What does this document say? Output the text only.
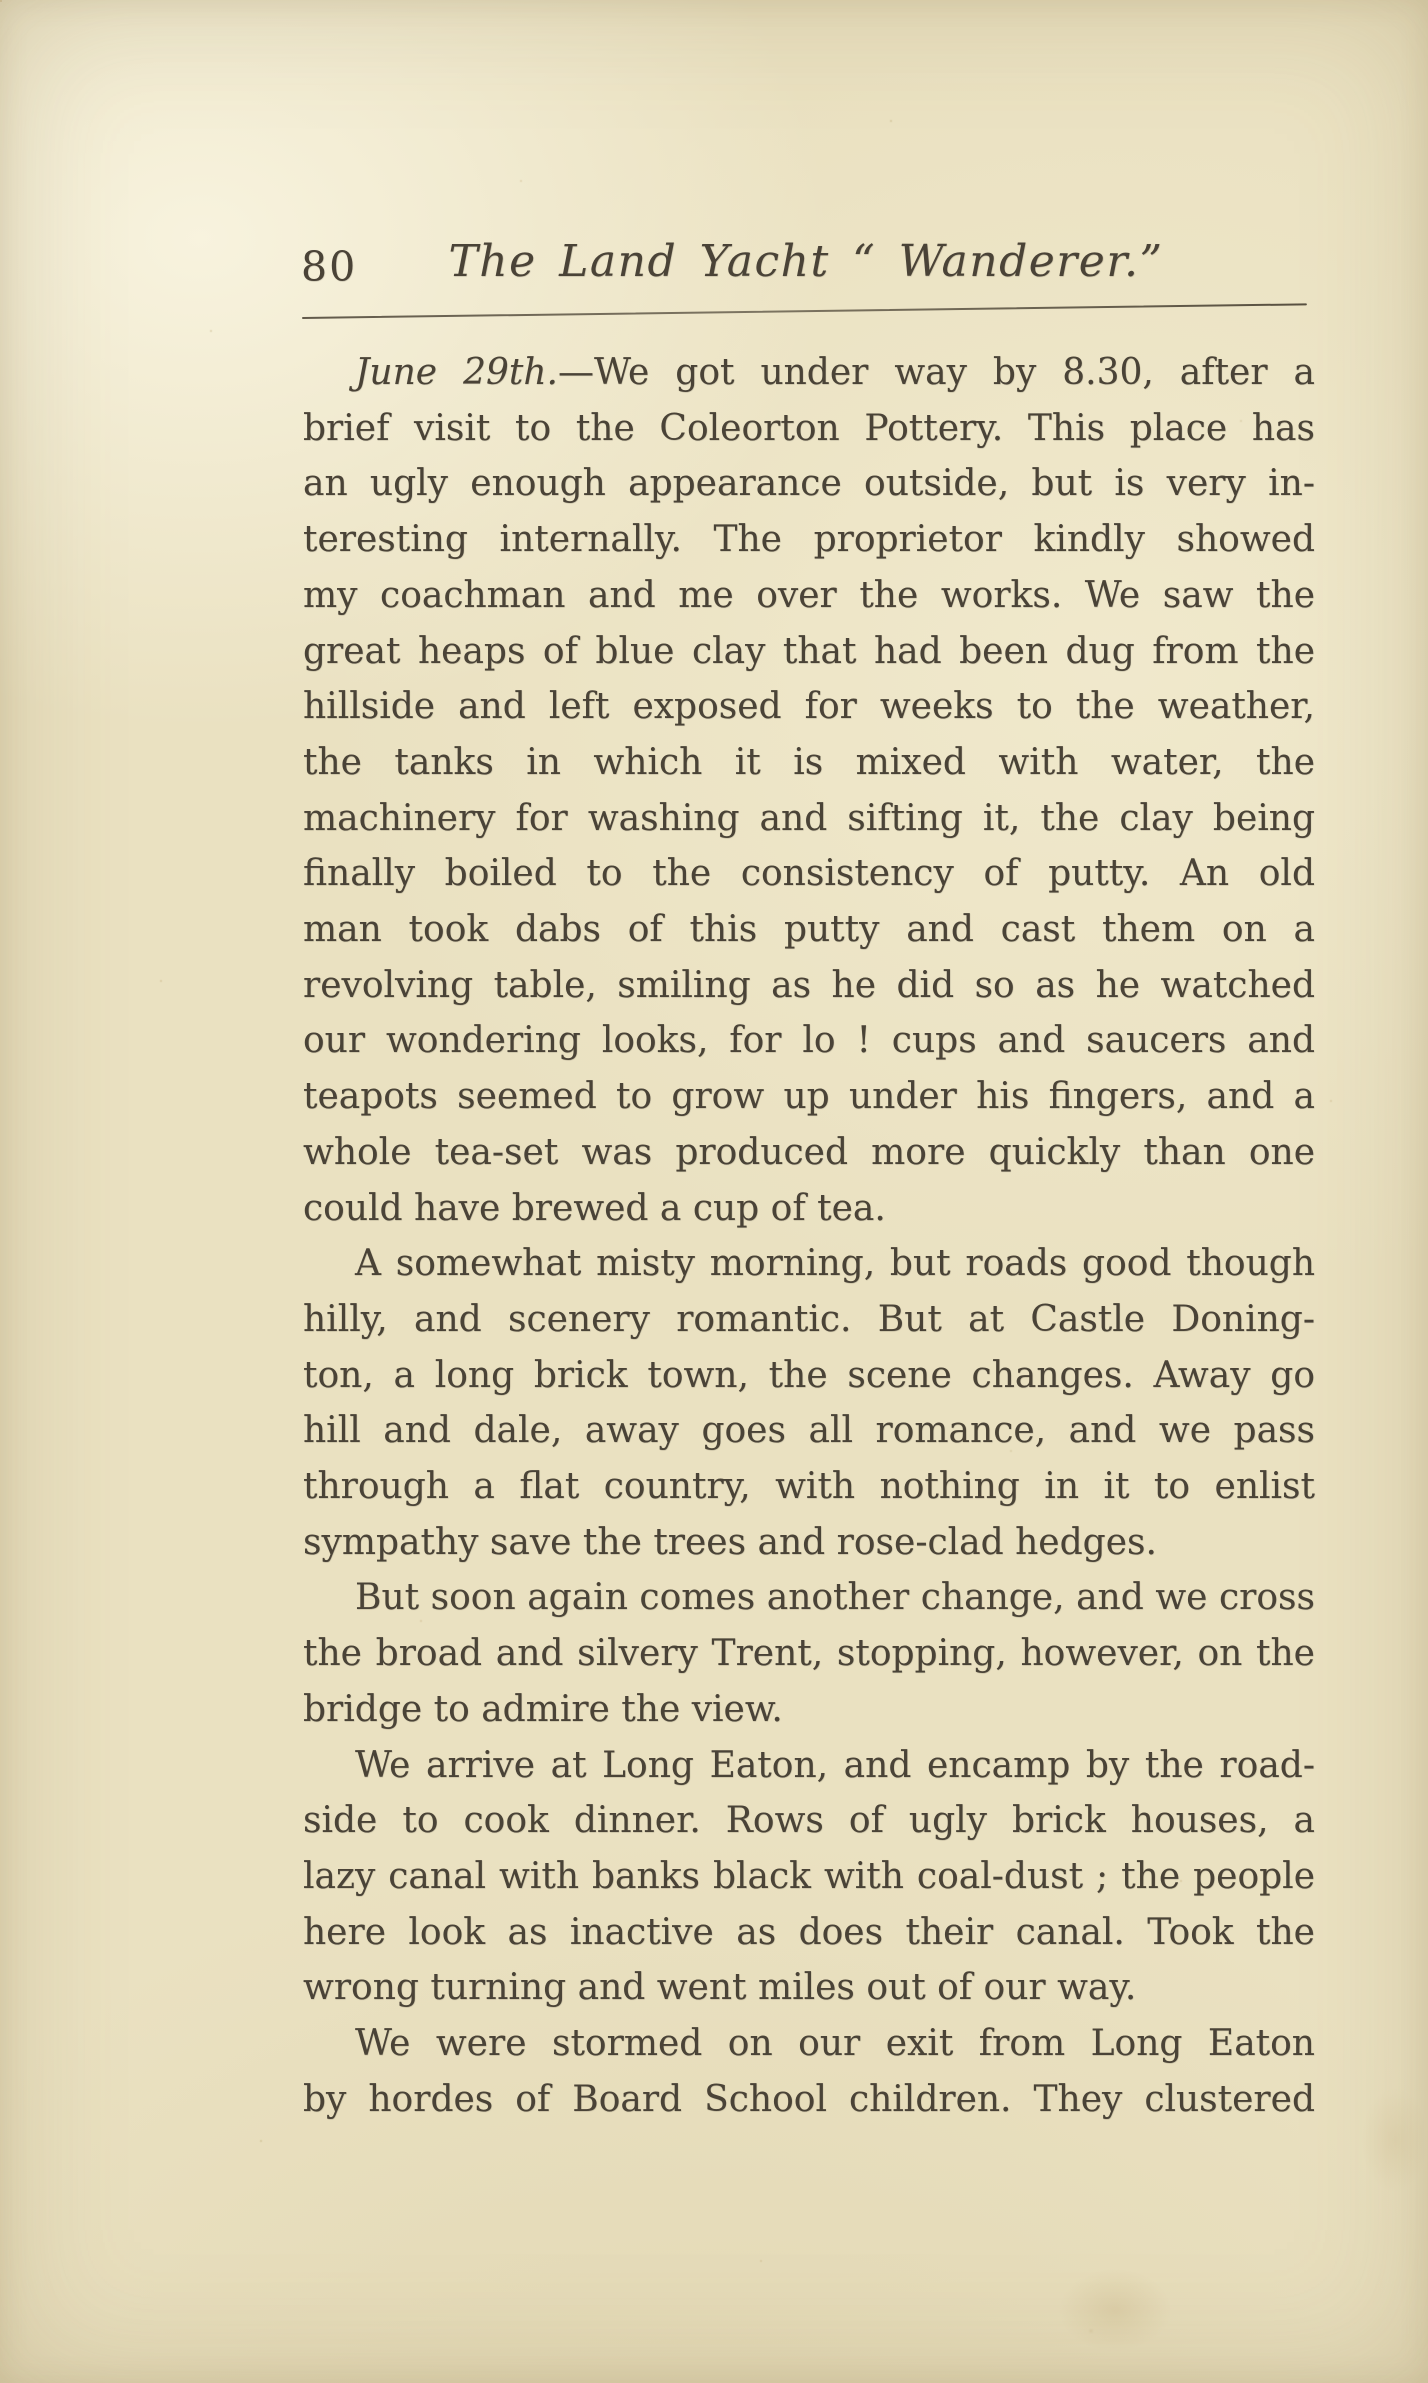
80	The Land Yacht “ Wanderer.”
June 29th.—We got under way by 8.30, after a
brief visit to the Coleorton Pottery. This place has
an ugly enough appearance outside, but is very in-
teresting internally. The proprietor kindly showed
my coachman and me over the works. We saw the
great heaps of blue clay that had been dug from the
hillside and left exposed for weeks to the weather,
the tanks in which it is mixed with water, the
machinery for washing and sifting it, the clay being
finally boiled to the consistency of putty. An old
man took dabs of this putty and cast them on a
revolving table, smiling as he did so as he watched
our wondering looks, for lo ! cups and saucers and
teapots seemed to grow up under his fingers, and a
whole tea-set was produced more quickly than one
could have brewed a cup of tea.
A somewhat misty morning, but roads good though
hilly, and scenery romantic. But at Castle Doning-
ton, a long brick town, the scene changes. Away go
hill and dale, away goes all romance, and we pass
through a flat country, with nothing in it to enlist
sympathy save the trees and rose-clad hedges.
But soon again comes another change, and we cross
the broad and silvery Trent, stopping, however, on the
bridge to admire the view.
We arrive at Long Eaton, and encamp by the road-
side to cook dinner. Rows of ugly brick houses, a
lazy canal with banks black with coal-dust ; the people
here look as inactive as does their canal. Took the
wrong turning and went miles out of our way.
We were stormed on our exit from Long Eaton
by hordes of Board School children. They clustered
